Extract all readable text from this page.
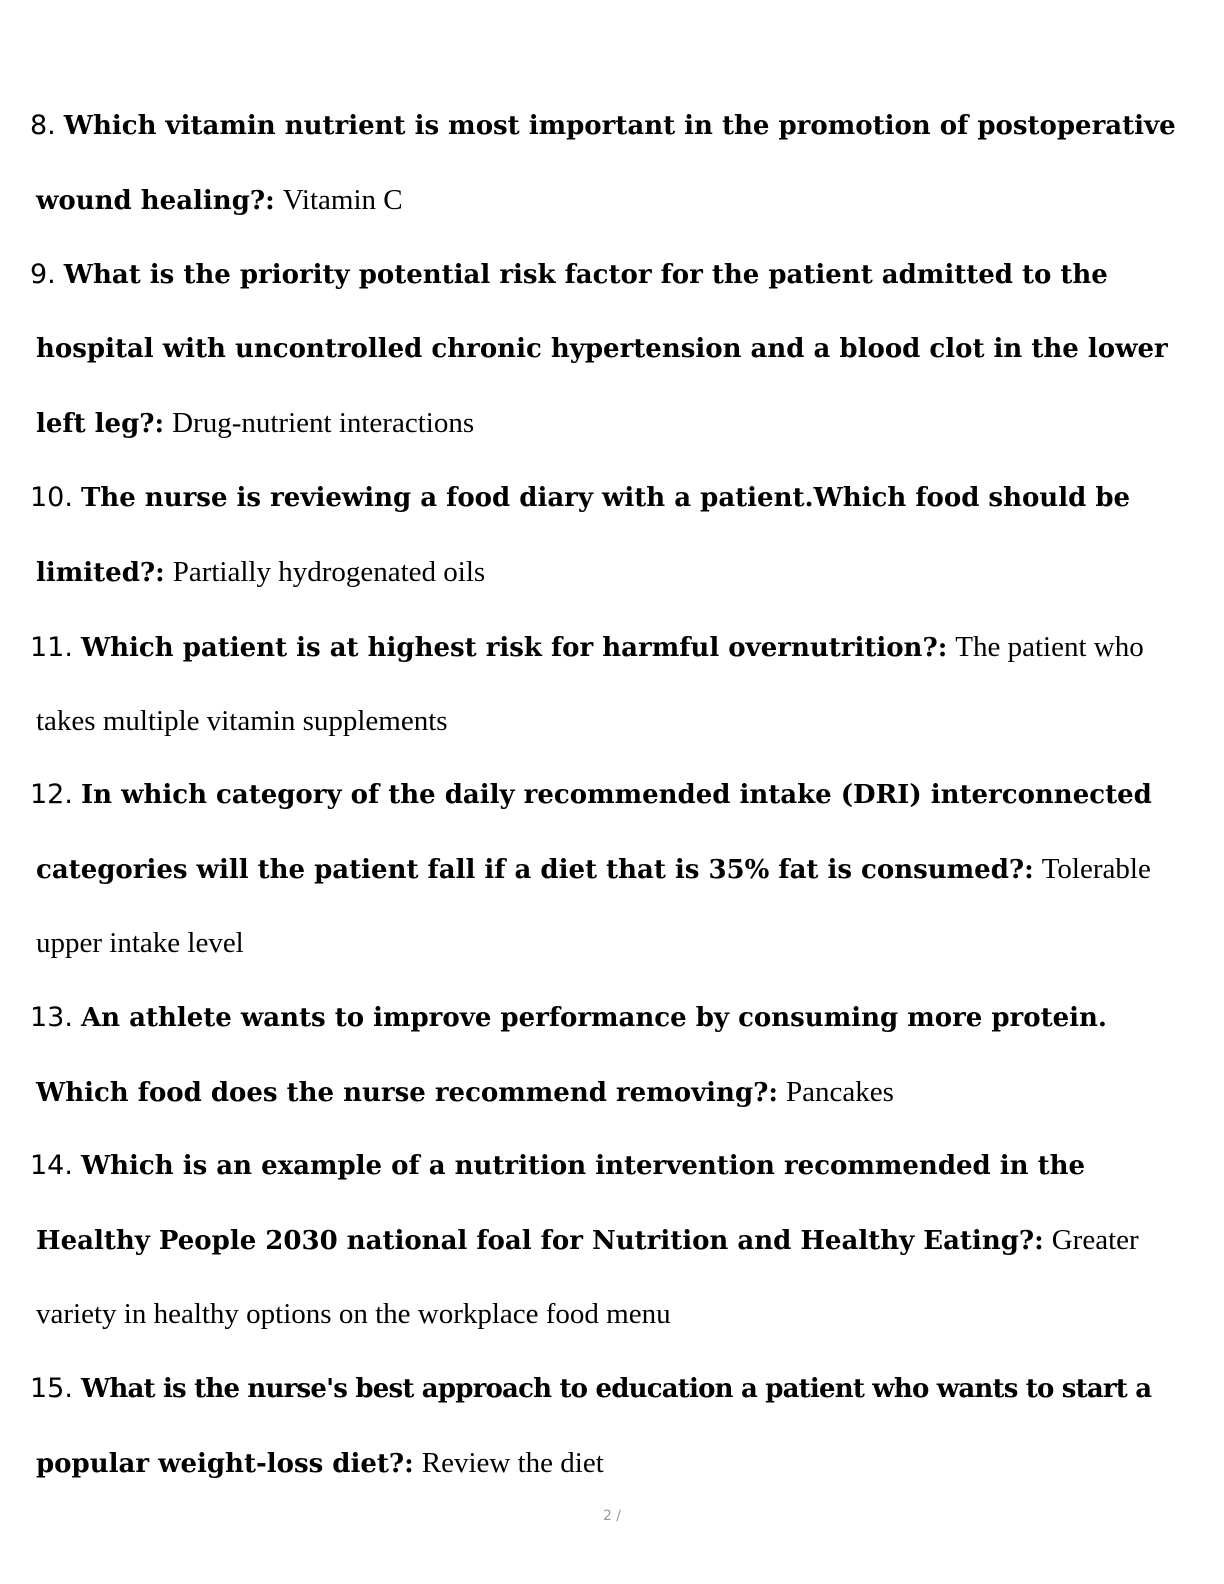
8. Which vitamin nutrient is most important in the promotion of postoperative
wound healing?: Vitamin C
9. What is the priority potential risk factor for the patient admitted to the
hospital with uncontrolled chronic hypertension and a blood clot in the lower
left leg?: Drug-nutrient interactions
10. The nurse is reviewing a food diary with a patient.Which food should be
limited?: Partially hydrogenated oils
11. Which patient is at highest risk for harmful overnutrition?: The patient who
takes multiple vitamin supplements
12. In which category of the daily recommended intake (DRI) interconnected
categories will the patient fall if a diet that is 35% fat is consumed?: Tolerable
upper intake level
13. An athlete wants to improve performance by consuming more protein.
Which food does the nurse recommend removing?: Pancakes
14. Which is an example of a nutrition intervention recommended in the
Healthy People 2030 national foal for Nutrition and Healthy Eating?: Greater
variety in healthy options on the workplace food menu
15. What is the nurse's best approach to education a patient who wants to start a
popular weight-loss diet?: Review the diet
2 /
